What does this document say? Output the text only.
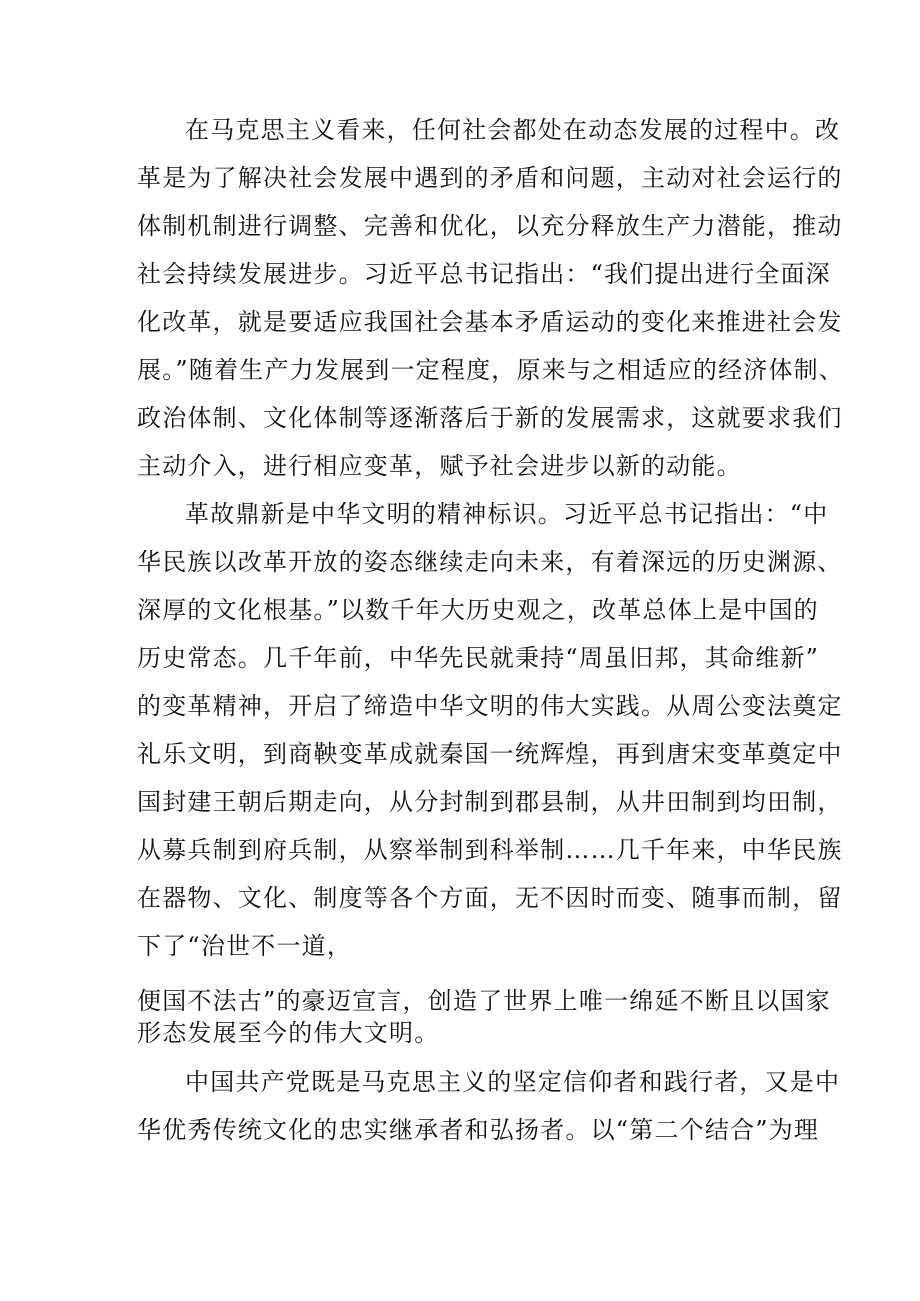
在马克思主义看来，任何社会都处在动态发展的过程中。改
革是为了解决社会发展中遇到的矛盾和问题，主动对社会运行的
体制机制进行调整、完善和优化，以充分释放生产力潜能，推动
社会持续发展进步。习近平总书记指出：“我们提出进行全面深
化改革，就是要适应我国社会基本矛盾运动的变化来推进社会发
展。”随着生产力发展到一定程度，原来与之相适应的经济体制、
政治体制、文化体制等逐渐落后于新的发展需求，这就要求我们
主动介入，进行相应变革，赋予社会进步以新的动能。
革故鼎新是中华文明的精神标识。习近平总书记指出：“中
华民族以改革开放的姿态继续走向未来，有着深远的历史渊源、
深厚的文化根基。”以数千年大历史观之，改革总体上是中国的
历史常态。几千年前，中华先民就秉持“周虽旧邦，其命维新”
的变革精神，开启了缔造中华文明的伟大实践。从周公变法奠定
礼乐文明，到商鞅变革成就秦国一统辉煌，再到唐宋变革奠定中
国封建王朝后期走向，从分封制到郡县制，从井田制到均田制，
从募兵制到府兵制，从察举制到科举制……几千年来，中华民族
在器物、文化、制度等各个方面，无不因时而变、随事而制，留
下了“治世不一道，
便国不法古”的豪迈宣言，创造了世界上唯一绵延不断且以国家
形态发展至今的伟大文明。
中国共产党既是马克思主义的坚定信仰者和践行者，又是中
华优秀传统文化的忠实继承者和弘扬者。以“第二个结合”为理
